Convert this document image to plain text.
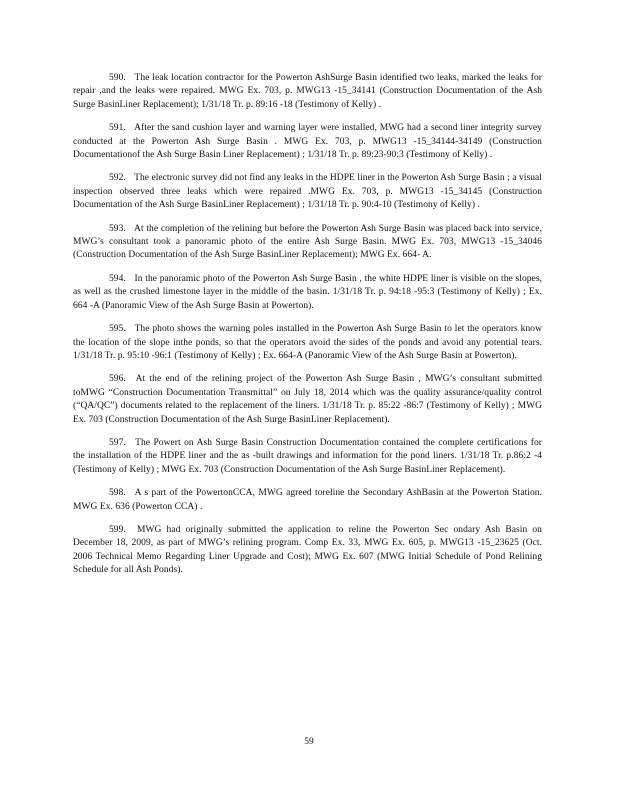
590. The leak location contractor for the Powerton AshSurge Basin identified two leaks, marked the leaks for repair ,and the leaks were repaired. MWG Ex. 703, p. MWG13 -15_34141 (Construction Documentation of the Ash Surge BasinLiner Replacement); 1/31/18 Tr. p. 89:16 -18 (Testimony of Kelly) .

591. After the sand cushion layer and warning layer were installed, MWG had a second liner integrity survey conducted at the Powerton Ash Surge Basin . MWG Ex. 703, p. MWG13 -15_34144-34149 (Construction Documentationof the Ash Surge Basin Liner Replacement) ; 1/31/18 Tr. p. 89:23-90:3 (Testimony of Kelly) .

592. The electronic survey did not find any leaks in the HDPE liner in the Powerton Ash Surge Basin ; a visual inspection observed three leaks which were repaired .MWG Ex. 703, p. MWG13 -15_34145 (Construction Documentation of the Ash Surge BasinLiner Replacement) ; 1/31/18 Tr. p. 90:4-10 (Testimony of Kelly) .

593. At the completion of the relining but before the Powerton Ash Surge Basin was placed back into service, MWG’s consultant took a panoramic photo of the entire Ash Surge Basin. MWG Ex. 703, MWG13 -15_34046 (Construction Documentation of the Ash Surge BasinLiner Replacement); MWG Ex. 664- A.

594. In the panoramic photo of the Powerton Ash Surge Basin , the white HDPE liner is visible on the slopes, as well as the crushed limestone layer in the middle of the basin. 1/31/18 Tr. p. 94:18 -95:3 (Testimony of Kelly) ; Ex. 664 -A (Panoramic View of the Ash Surge Basin at Powerton).

595. The photo shows the warning poles installed in the Powerton Ash Surge Basin to let the operators know the location of the slope inthe ponds, so that the operators avoid the sides of the ponds and avoid any potential tears. 1/31/18 Tr. p. 95:10 -96:1 (Testimony of Kelly) ; Ex. 664-A (Panoramic View of the Ash Surge Basin at Powerton).

596. At the end of the relining project of the Powerton Ash Surge Basin , MWG’s consultant submitted toMWG “Construction Documentation Transmittal” on July 18, 2014 which was the quality assurance/quality control (“QA/QC”) documents related to the replacement of the liners. 1/31/18 Tr. p. 85:22 -86:7 (Testimony of Kelly) ; MWG Ex. 703 (Construction Documentation of the Ash Surge BasinLiner Replacement).

597. The Powert on Ash Surge Basin Construction Documentation contained the complete certifications for the installation of the HDPE liner and the as -built drawings and information for the pond liners. 1/31/18 Tr. p.86:2 -4 (Testimony of Kelly) ; MWG Ex. 703 (Construction Documentation of the Ash Surge BasinLiner Replacement).

598. A s part of the PowertonCCA, MWG agreed toreline the Secondary AshBasin at the Powerton Station. MWG Ex. 636 (Powerton CCA) .

599. MWG had originally submitted the application to reline the Powerton Sec ondary Ash Basin on December 18, 2009, as part of MWG’s relining program. Comp Ex. 33, MWG Ex. 605, p. MWG13 -15_23625 (Oct. 2006 Technical Memo Regarding Liner Upgrade and Cost); MWG Ex. 607 (MWG Initial Schedule of Pond Relining Schedule for all Ash Ponds).

59
